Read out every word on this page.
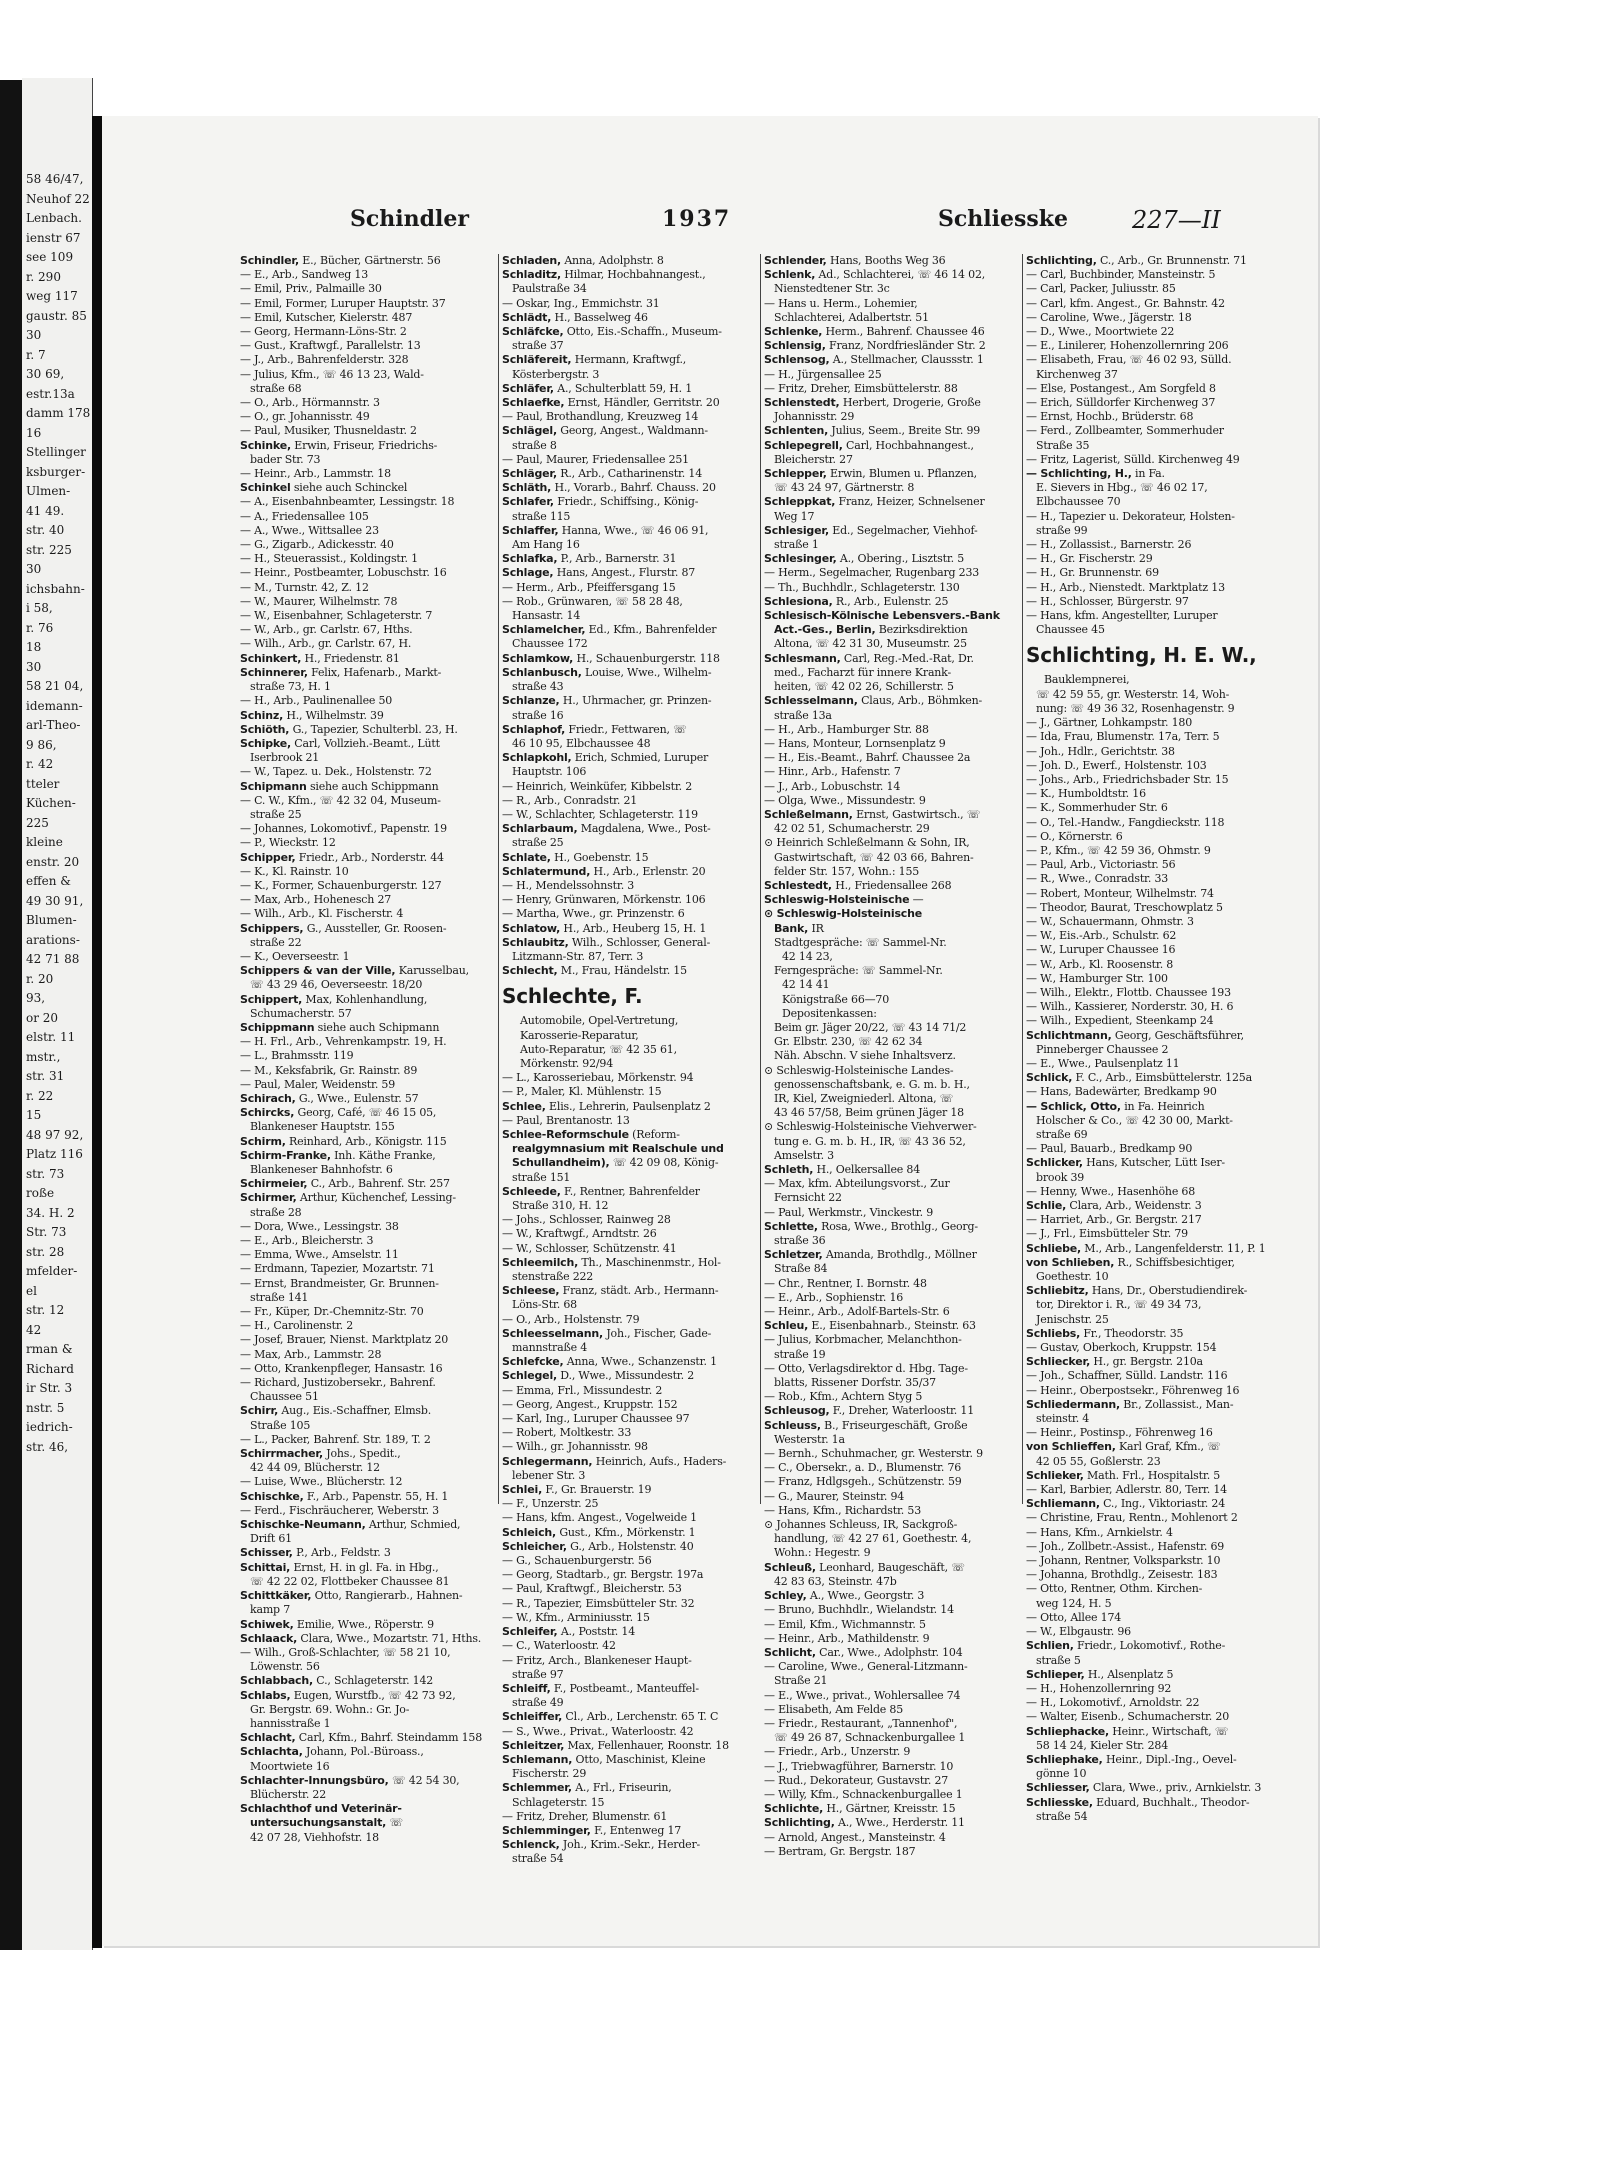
58 46/47,
Neuhof 22
Lenbach.
ienstr 67
see 109
r. 290
weg 117
gaustr. 85
30
r. 7
30 69,
estr.13a
damm 178
16
Stellinger
ksburger-
Ulmen-
41 49.
str. 40
str. 225
30
ichsbahn-
i 58,
r. 76
18
30
58 21 04,
idemann-
arl-Theo-
9 86,
r. 42
tteler
Küchen-
225
kleine
enstr. 20
effen &
49 30 91,
Blumen-
arations-
42 71 88
r. 20
93,
or 20
elstr. 11
mstr.,
str. 31
r. 22
15
48 97 92,
Platz 116
str. 73
roße
34. H. 2
Str. 73
str. 28
mfelder-
el
str. 12
42
rman &
Richard
ir Str. 3
nstr. 5
iedrich-
str. 46,
Schindler	1937	Schliesske	227—II
Schindler, E., Bücher, Gärtnerstr. 56
— E., Arb., Sandweg 13
— Emil, Priv., Palmaille 30
— Emil, Former, Luruper Hauptstr. 37
— Emil, Kutscher, Kielerstr. 487
— Georg, Hermann-Löns-Str. 2
— Gust., Kraftwgf., Parallelstr. 13
— J., Arb., Bahrenfelderstr. 328
— Julius, Kfm., ☏ 46 13 23, Wald-
straße 68
— O., Arb., Hörmannstr. 3
— O., gr. Johannisstr. 49
— Paul, Musiker, Thusneldastr. 2
Schinke, Erwin, Friseur, Friedrichs-
bader Str. 73
— Heinr., Arb., Lammstr. 18
Schinkel siehe auch Schinckel
— A., Eisenbahnbeamter, Lessingstr. 18
— A., Friedensallee 105
— A., Wwe., Wittsallee 23
— G., Zigarb., Adickesstr. 40
— H., Steuerassist., Koldingstr. 1
— Heinr., Postbeamter, Lobuschstr. 16
— M., Turnstr. 42, Z. 12
— W., Maurer, Wilhelmstr. 78
— W., Eisenbahner, Schlageterstr. 7
— W., Arb., gr. Carlstr. 67, Hths.
— Wilh., Arb., gr. Carlstr. 67, H.
Schinkert, H., Friedenstr. 81
Schinnerer, Felix, Hafenarb., Markt-
straße 73, H. 1
— H., Arb., Paulinenallee 50
Schinz, H., Wilhelmstr. 39
Schiöth, G., Tapezier, Schulterbl. 23, H.
Schipke, Carl, Vollzieh.-Beamt., Lütt
Iserbrook 21
— W., Tapez. u. Dek., Holstenstr. 72
Schipmann siehe auch Schippmann
— C. W., Kfm., ☏ 42 32 04, Museum-
straße 25
— Johannes, Lokomotivf., Papenstr. 19
— P., Wieckstr. 12
Schipper, Friedr., Arb., Norderstr. 44
— K., Kl. Rainstr. 10
— K., Former, Schauenburgerstr. 127
— Max, Arb., Hohenesch 27
— Wilh., Arb., Kl. Fischerstr. 4
Schippers, G., Aussteller, Gr. Roosen-
straße 22
— K., Oeverseestr. 1
Schippers & van der Ville, Karusselbau,
☏ 43 29 46, Oeverseestr. 18/20
Schippert, Max, Kohlenhandlung,
Schumacherstr. 57
Schippmann siehe auch Schipmann
— H. Frl., Arb., Vehrenkampstr. 19, H.
— L., Brahmsstr. 119
— M., Keksfabrik, Gr. Rainstr. 89
— Paul, Maler, Weidenstr. 59
Schirach, G., Wwe., Eulenstr. 57
Schircks, Georg, Café, ☏ 46 15 05,
Blankeneser Hauptstr. 155
Schirm, Reinhard, Arb., Königstr. 115
Schirm-Franke, Inh. Käthe Franke,
Blankeneser Bahnhofstr. 6
Schirmeier, C., Arb., Bahrenf. Str. 257
Schirmer, Arthur, Küchenchef, Lessing-
straße 28
— Dora, Wwe., Lessingstr. 38
— E., Arb., Bleicherstr. 3
— Emma, Wwe., Amselstr. 11
— Erdmann, Tapezier, Mozartstr. 71
— Ernst, Brandmeister, Gr. Brunnen-
straße 141
— Fr., Küper, Dr.-Chemnitz-Str. 70
— H., Carolinenstr. 2
— Josef, Brauer, Nienst. Marktplatz 20
— Max, Arb., Lammstr. 28
— Otto, Krankenpfleger, Hansastr. 16
— Richard, Justizobersekr., Bahrenf.
Chaussee 51
Schirr, Aug., Eis.-Schaffner, Elmsb.
Straße 105
— L., Packer, Bahrenf. Str. 189, T. 2
Schirrmacher, Johs., Spedit.,
42 44 09, Blücherstr. 12
— Luise, Wwe., Blücherstr. 12
Schischke, F., Arb., Papenstr. 55, H. 1
— Ferd., Fischräucherer, Weberstr. 3
Schischke-Neumann, Arthur, Schmied,
Drift 61
Schisser, P., Arb., Feldstr. 3
Schittai, Ernst, H. in gl. Fa. in Hbg.,
☏ 42 22 02, Flottbeker Chaussee 81
Schittkäker, Otto, Rangierarb., Hahnen-
kamp 7
Schiwek, Emilie, Wwe., Röperstr. 9
Schlaack, Clara, Wwe., Mozartstr. 71, Hths.
— Wilh., Groß-Schlachter, ☏ 58 21 10,
Löwenstr. 56
Schlabbach, C., Schlageterstr. 142
Schlabs, Eugen, Wurstfb., ☏ 42 73 92,
Gr. Bergstr. 69. Wohn.: Gr. Jo-
hannisstraße 1
Schlacht, Carl, Kfm., Bahrf. Steindamm 158
Schlachta, Johann, Pol.-Büroass.,
Moortwiete 16
Schlachter-Innungsbüro, ☏ 42 54 30,
Blücherstr. 22
Schlachthof und Veterinär-
untersuchungsanstalt, ☏
42 07 28, Viehhofstr. 18
Schladen, Anna, Adolphstr. 8
Schladitz, Hilmar, Hochbahnangest.,
Paulstraße 34
— Oskar, Ing., Emmichstr. 31
Schlädt, H., Basselweg 46
Schläfcke, Otto, Eis.-Schaffn., Museum-
straße 37
Schläfereit, Hermann, Kraftwgf.,
Kösterbergstr. 3
Schläfer, A., Schulterblatt 59, H. 1
Schlaefke, Ernst, Händler, Gerritstr. 20
— Paul, Brothandlung, Kreuzweg 14
Schlägel, Georg, Angest., Waldmann-
straße 8
— Paul, Maurer, Friedensallee 251
Schläger, R., Arb., Catharinenstr. 14
Schläth, H., Vorarb., Bahrf. Chauss. 20
Schlafer, Friedr., Schiffsing., König-
straße 115
Schlaffer, Hanna, Wwe., ☏ 46 06 91,
Am Hang 16
Schlafka, P., Arb., Barnerstr. 31
Schlage, Hans, Angest., Flurstr. 87
— Herm., Arb., Pfeiffersgang 15
— Rob., Grünwaren, ☏ 58 28 48,
Hansastr. 14
Schlamelcher, Ed., Kfm., Bahrenfelder
Chaussee 172
Schlamkow, H., Schauenburgerstr. 118
Schlanbusch, Louise, Wwe., Wilhelm-
straße 43
Schlanze, H., Uhrmacher, gr. Prinzen-
straße 16
Schlaphof, Friedr., Fettwaren, ☏
46 10 95, Elbchaussee 48
Schlapkohl, Erich, Schmied, Luruper
Hauptstr. 106
— Heinrich, Weinküfer, Kibbelstr. 2
— R., Arb., Conradstr. 21
— W., Schlachter, Schlageterstr. 119
Schlarbaum, Magdalena, Wwe., Post-
straße 25
Schlate, H., Goebenstr. 15
Schlatermund, H., Arb., Erlenstr. 20
— H., Mendelssohnstr. 3
— Henry, Grünwaren, Mörkenstr. 106
— Martha, Wwe., gr. Prinzenstr. 6
Schlatow, H., Arb., Heuberg 15, H. 1
Schlaubitz, Wilh., Schlosser, General-
Litzmann-Str. 87, Terr. 3
Schlecht, M., Frau, Händelstr. 15
Schlechte, F.
Automobile, Opel-Vertretung,
Karosserie-Reparatur,
Auto-Reparatur, ☏ 42 35 61,
Mörkenstr. 92/94
— L., Karosseriebau, Mörkenstr. 94
— P., Maler, Kl. Mühlenstr. 15
Schlee, Elis., Lehrerin, Paulsenplatz 2
— Paul, Brentanostr. 13
Schlee-Reformschule (Reform-
realgymnasium mit Realschule und
Schullandheim), ☏ 42 09 08, König-
straße 151
Schleede, F., Rentner, Bahrenfelder
Straße 310, H. 12
— Johs., Schlosser, Rainweg 28
— W., Kraftwgf., Arndtstr. 26
— W., Schlosser, Schützenstr. 41
Schleemilch, Th., Maschinenmstr., Hol-
stenstraße 222
Schleese, Franz, städt. Arb., Hermann-
Löns-Str. 68
— O., Arb., Holstenstr. 79
Schleesselmann, Joh., Fischer, Gade-
mannstraße 4
Schlefcke, Anna, Wwe., Schanzenstr. 1
Schlegel, D., Wwe., Missundestr. 2
— Emma, Frl., Missundestr. 2
— Georg, Angest., Kruppstr. 152
— Karl, Ing., Luruper Chaussee 97
— Robert, Moltkestr. 33
— Wilh., gr. Johannisstr. 98
Schlegermann, Heinrich, Aufs., Haders-
lebener Str. 3
Schlei, F., Gr. Brauerstr. 19
— F., Unzerstr. 25
— Hans, kfm. Angest., Vogelweide 1
Schleich, Gust., Kfm., Mörkenstr. 1
Schleicher, G., Arb., Holstenstr. 40
— G., Schauenburgerstr. 56
— Georg, Stadtarb., gr. Bergstr. 197a
— Paul, Kraftwgf., Bleicherstr. 53
— R., Tapezier, Eimsbütteler Str. 32
— W., Kfm., Arminiusstr. 15
Schleifer, A., Poststr. 14
— C., Waterloostr. 42
— Fritz, Arch., Blankeneser Haupt-
straße 97
Schleiff, F., Postbeamt., Manteuffel-
straße 49
Schleiffer, Cl., Arb., Lerchenstr. 65 T. C
— S., Wwe., Privat., Waterloostr. 42
Schleitzer, Max, Fellenhauer, Roonstr. 18
Schlemann, Otto, Maschinist, Kleine
Fischerstr. 29
Schlemmer, A., Frl., Friseurin,
Schlageterstr. 15
— Fritz, Dreher, Blumenstr. 61
Schlemminger, F., Entenweg 17
Schlenck, Joh., Krim.-Sekr., Herder-
straße 54
Schlender, Hans, Booths Weg 36
Schlenk, Ad., Schlachterei, ☏ 46 14 02,
Nienstedtener Str. 3c
— Hans u. Herm., Lohemier,
Schlachterei, Adalbertstr. 51
Schlenke, Herm., Bahrenf. Chaussee 46
Schlensig, Franz, Nordfriesländer Str. 2
Schlensog, A., Stellmacher, Claussstr. 1
— H., Jürgensallee 25
— Fritz, Dreher, Eimsbüttelerstr. 88
Schlenstedt, Herbert, Drogerie, Große
Johannisstr. 29
Schlenten, Julius, Seem., Breite Str. 99
Schlepegrell, Carl, Hochbahnangest.,
Bleicherstr. 27
Schlepper, Erwin, Blumen u. Pflanzen,
☏ 43 24 97, Gärtnerstr. 8
Schleppkat, Franz, Heizer, Schnelsener
Weg 17
Schlesiger, Ed., Segelmacher, Viehhof-
straße 1
Schlesinger, A., Obering., Lisztstr. 5
— Herm., Segelmacher, Rugenbarg 233
— Th., Buchhdlr., Schlageterstr. 130
Schlesiona, R., Arb., Eulenstr. 25
Schlesisch-Kölnische Lebensvers.-Bank
Act.-Ges., Berlin, Bezirksdirektion
Altona, ☏ 42 31 30, Museumstr. 25
Schlesmann, Carl, Reg.-Med.-Rat, Dr.
med., Facharzt für innere Krank-
heiten, ☏ 42 02 26, Schillerstr. 5
Schlesselmann, Claus, Arb., Böhmken-
straße 13a
— H., Arb., Hamburger Str. 88
— Hans, Monteur, Lornsenplatz 9
— H., Eis.-Beamt., Bahrf. Chaussee 2a
— Hinr., Arb., Hafenstr. 7
— J., Arb., Lobuschstr. 14
— Olga, Wwe., Missundestr. 9
Schleßelmann, Ernst, Gastwirtsch., ☏
42 02 51, Schumacherstr. 29
⊙ Heinrich Schleßelmann & Sohn, IR,
Gastwirtschaft, ☏ 42 03 66, Bahren-
felder Str. 157, Wohn.: 155
Schlestedt, H., Friedensallee 268
Schleswig-Holsteinische —
⊙ Schleswig-Holsteinische
Bank, IR
Stadtgespräche: ☏ Sammel-Nr.
42 14 23,
Ferngespräche: ☏ Sammel-Nr.
42 14 41
Königstraße 66—70
Depositenkassen:
Beim gr. Jäger 20/22, ☏ 43 14 71/2
Gr. Elbstr. 230, ☏ 42 62 34
Näh. Abschn. V siehe Inhaltsverz.
⊙ Schleswig-Holsteinische Landes-
genossenschaftsbank, e. G. m. b. H.,
IR, Kiel, Zweigniederl. Altona, ☏
43 46 57/58, Beim grünen Jäger 18
⊙ Schleswig-Holsteinische Viehverwer-
tung e. G. m. b. H., IR, ☏ 43 36 52,
Amselstr. 3
Schleth, H., Oelkersallee 84
— Max, kfm. Abteilungsvorst., Zur
Fernsicht 22
— Paul, Werkmstr., Vinckestr. 9
Schlette, Rosa, Wwe., Brothlg., Georg-
straße 36
Schletzer, Amanda, Brothdlg., Möllner
Straße 84
— Chr., Rentner, I. Bornstr. 48
— E., Arb., Sophienstr. 16
— Heinr., Arb., Adolf-Bartels-Str. 6
Schleu, E., Eisenbahnarb., Steinstr. 63
— Julius, Korbmacher, Melanchthon-
straße 19
— Otto, Verlagsdirektor d. Hbg. Tage-
blatts, Rissener Dorfstr. 35/37
— Rob., Kfm., Achtern Styg 5
Schleusog, F., Dreher, Waterloostr. 11
Schleuss, B., Friseurgeschäft, Große
Westerstr. 1a
— Bernh., Schuhmacher, gr. Westerstr. 9
— C., Obersekr., a. D., Blumenstr. 76
— Franz, Hdlgsgeh., Schützenstr. 59
— G., Maurer, Steinstr. 94
— Hans, Kfm., Richardstr. 53
⊙ Johannes Schleuss, IR, Sackgroß-
handlung, ☏ 42 27 61, Goethestr. 4,
Wohn.: Hegestr. 9
Schleuß, Leonhard, Baugeschäft, ☏
42 83 63, Steinstr. 47b
Schley, A., Wwe., Georgstr. 3
— Bruno, Buchhdlr., Wielandstr. 14
— Emil, Kfm., Wichmannstr. 5
— Heinr., Arb., Mathildenstr. 9
Schlicht, Car., Wwe., Adolphstr. 104
— Caroline, Wwe., General-Litzmann-
Straße 21
— E., Wwe., privat., Wohlersallee 74
— Elisabeth, Am Felde 85
— Friedr., Restaurant, „Tannenhof",
☏ 49 26 87, Schnackenburgallee 1
— Friedr., Arb., Unzerstr. 9
— J., Triebwagführer, Barnerstr. 10
— Rud., Dekorateur, Gustavstr. 27
— Willy, Kfm., Schnackenburgallee 1
Schlichte, H., Gärtner, Kreisstr. 15
Schlichting, A., Wwe., Herderstr. 11
— Arnold, Angest., Mansteinstr. 4
— Bertram, Gr. Bergstr. 187
Schlichting, C., Arb., Gr. Brunnenstr. 71
— Carl, Buchbinder, Mansteinstr. 5
— Carl, Packer, Juliusstr. 85
— Carl, kfm. Angest., Gr. Bahnstr. 42
— Caroline, Wwe., Jägerstr. 18
— D., Wwe., Moortwiete 22
— E., Linilerer, Hohenzollernring 206
— Elisabeth, Frau, ☏ 46 02 93, Sülld.
Kirchenweg 37
— Else, Postangest., Am Sorgfeld 8
— Erich, Sülldorfer Kirchenweg 37
— Ernst, Hochb., Brüderstr. 68
— Ferd., Zollbeamter, Sommerhuder
Straße 35
— Fritz, Lagerist, Sülld. Kirchenweg 49
— Schlichting, H., in Fa.
E. Sievers in Hbg., ☏ 46 02 17,
Elbchaussee 70
— H., Tapezier u. Dekorateur, Holsten-
straße 99
— H., Zollassist., Barnerstr. 26
— H., Gr. Fischerstr. 29
— H., Gr. Brunnenstr. 69
— H., Arb., Nienstedt. Marktplatz 13
— H., Schlosser, Bürgerstr. 97
— Hans, kfm. Angestellter, Luruper
Chaussee 45
Schlichting, H. E. W.,
Bauklempnerei,
☏ 42 59 55, gr. Westerstr. 14, Woh-
nung: ☏ 49 36 32, Rosenhagenstr. 9
— J., Gärtner, Lohkampstr. 180
— Ida, Frau, Blumenstr. 17a, Terr. 5
— Joh., Hdlr., Gerichtstr. 38
— Joh. D., Ewerf., Holstenstr. 103
— Johs., Arb., Friedrichsbader Str. 15
— K., Humboldtstr. 16
— K., Sommerhuder Str. 6
— O., Tel.-Handw., Fangdieckstr. 118
— O., Körnerstr. 6
— P., Kfm., ☏ 42 59 36, Ohmstr. 9
— Paul, Arb., Victoriastr. 56
— R., Wwe., Conradstr. 33
— Robert, Monteur, Wilhelmstr. 74
— Theodor, Baurat, Treschowplatz 5
— W., Schauermann, Ohmstr. 3
— W., Eis.-Arb., Schulstr. 62
— W., Luruper Chaussee 16
— W., Arb., Kl. Roosenstr. 8
— W., Hamburger Str. 100
— Wilh., Elektr., Flottb. Chaussee 193
— Wilh., Kassierer, Norderstr. 30, H. 6
— Wilh., Expedient, Steenkamp 24
Schlichtmann, Georg, Geschäftsführer,
Pinneberger Chaussee 2
— E., Wwe., Paulsenplatz 11
Schlick, F. C., Arb., Eimsbüttelerstr. 125a
— Hans, Badewärter, Bredkamp 90
— Schlick, Otto, in Fa. Heinrich
Holscher & Co., ☏ 42 30 00, Markt-
straße 69
— Paul, Bauarb., Bredkamp 90
Schlicker, Hans, Kutscher, Lütt Iser-
brook 39
— Henny, Wwe., Hasenhöhe 68
Schlie, Clara, Arb., Weidenstr. 3
— Harriet, Arb., Gr. Bergstr. 217
— J., Frl., Eimsbütteler Str. 79
Schliebe, M., Arb., Langenfelderstr. 11, P. 1
von Schlieben, R., Schiffsbesichtiger,
Goethestr. 10
Schliebitz, Hans, Dr., Oberstudiendirek-
tor, Direktor i. R., ☏ 49 34 73,
Jenischstr. 25
Schliebs, Fr., Theodorstr. 35
— Gustav, Oberkoch, Kruppstr. 154
Schliecker, H., gr. Bergstr. 210a
— Joh., Schaffner, Sülld. Landstr. 116
— Heinr., Oberpostsekr., Föhrenweg 16
Schliedermann, Br., Zollassist., Man-
steinstr. 4
— Heinr., Postinsp., Föhrenweg 16
von Schlieffen, Karl Graf, Kfm., ☏
42 05 55, Goßlerstr. 23
Schlieker, Math. Frl., Hospitalstr. 5
— Karl, Barbier, Adlerstr. 80, Terr. 14
Schliemann, C., Ing., Viktoriastr. 24
— Christine, Frau, Rentn., Mohlenort 2
— Hans, Kfm., Arnkielstr. 4
— Joh., Zollbetr.-Assist., Hafenstr. 69
— Johann, Rentner, Volksparkstr. 10
— Johanna, Brothdlg., Zeisestr. 183
— Otto, Rentner, Othm. Kirchen-
weg 124, H. 5
— Otto, Allee 174
— W., Elbgaustr. 96
Schlien, Friedr., Lokomotivf., Rothe-
straße 5
Schlieper, H., Alsenplatz 5
— H., Hohenzollernring 92
— H., Lokomotivf., Arnoldstr. 22
— Walter, Eisenb., Schumacherstr. 20
Schliephacke, Heinr., Wirtschaft, ☏
58 14 24, Kieler Str. 284
Schliephake, Heinr., Dipl.-Ing., Oevel-
gönne 10
Schliesser, Clara, Wwe., priv., Arnkielstr. 3
Schliesske, Eduard, Buchhalt., Theodor-
straße 54
